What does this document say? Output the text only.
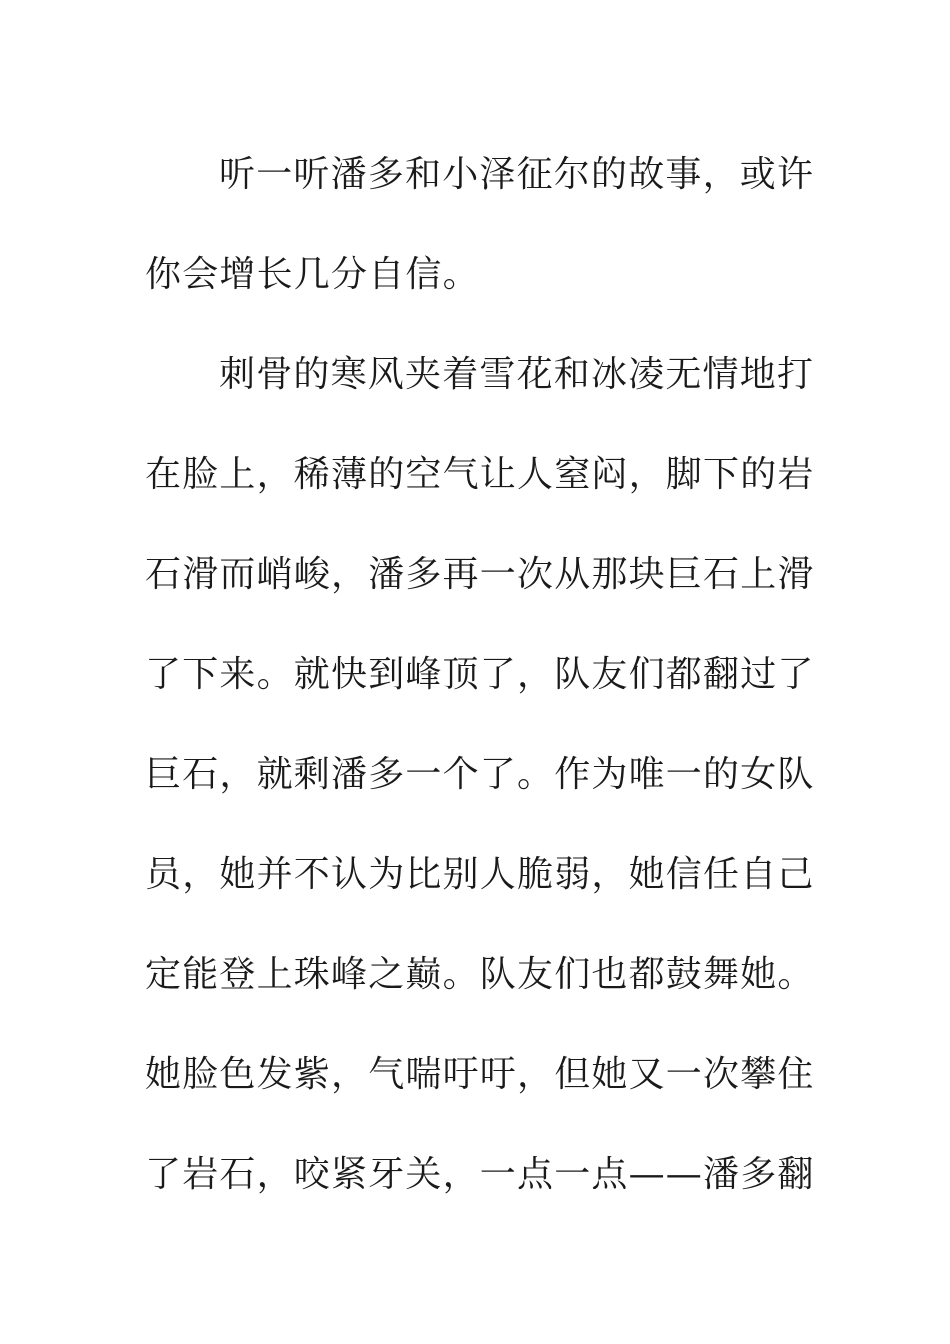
听一听潘多和小泽征尔的故事，或许
你会增长几分自信。
刺骨的寒风夹着雪花和冰凌无情地打
在脸上，稀薄的空气让人窒闷，脚下的岩
石滑而峭峻，潘多再一次从那块巨石上滑
了下来。就快到峰顶了，队友们都翻过了
巨石，就剩潘多一个了。作为唯一的女队
员，她并不认为比别人脆弱，她信任自己
定能登上珠峰之巅。队友们也都鼓舞她。
她脸色发紫，气喘吁吁，但她又一次攀住
了岩石，咬紧牙关，一点一点——潘多翻
